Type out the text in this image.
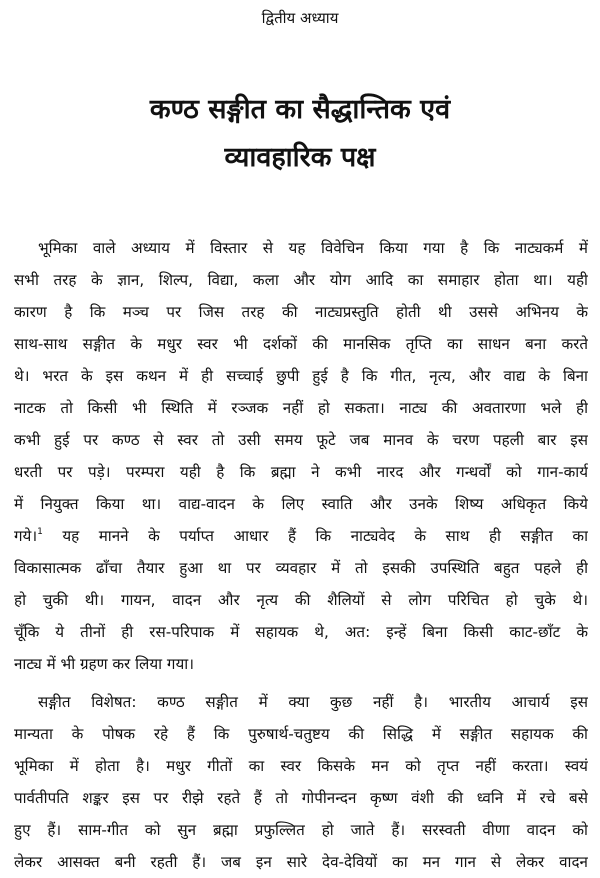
द्वितीय अध्याय
कण्ठ सङ्गीत का सैद्धान्तिक एवं
व्यावहारिक पक्ष
भूमिका वाले अध्याय में विस्तार से यह विवेचिन किया गया है कि नाट्यकर्म में
सभी तरह के ज्ञान, शिल्प, विद्या, कला और योग आदि का समाहार होता था। यही
कारण है कि मञ्च पर जिस तरह की नाट्यप्रस्तुति होती थी उससे अभिनय के
साथ-साथ सङ्गीत के मधुर स्वर भी दर्शकों की मानसिक तृप्ति का साधन बना करते
थे। भरत के इस कथन में ही सच्चाई छुपी हुई है कि गीत, नृत्य, और वाद्य के बिना
नाटक तो किसी भी स्थिति में रञ्जक नहीं हो सकता। नाट्य की अवतारणा भले ही
कभी हुई पर कण्ठ से स्वर तो उसी समय फूटे जब मानव के चरण पहली बार इस
धरती पर पड़े। परम्परा यही है कि ब्रह्मा ने कभी नारद और गन्धर्वों को गान-कार्य
में नियुक्त किया था। वाद्य-वादन के लिए स्वाति और उनके शिष्य अधिकृत किये
गये।$^1$ यह मानने के पर्याप्त आधार हैं कि नाट्यवेद के साथ ही सङ्गीत का
विकासात्मक ढाँचा तैयार हुआ था पर व्यवहार में तो इसकी उपस्थिति बहुत पहले ही
हो चुकी थी। गायन, वादन और नृत्य की शैलियों से लोग परिचित हो चुके थे।
चूँकि ये तीनों ही रस-परिपाक में सहायक थे, अत: इन्हें बिना किसी काट-छाँट के
नाट्य में भी ग्रहण कर लिया गया।
सङ्गीत विशेषत: कण्ठ सङ्गीत में क्या कुछ नहीं है। भारतीय आचार्य इस
मान्यता के पोषक रहे हैं कि पुरुषार्थ-चतुष्टय की सिद्धि में सङ्गीत सहायक की
भूमिका में होता है। मधुर गीतों का स्वर किसके मन को तृप्त नहीं करता। स्वयं
पार्वतीपति शङ्कर इस पर रीझे रहते हैं तो गोपीनन्दन कृष्ण वंशी की ध्वनि में रचे बसे
हुए हैं। साम-गीत को सुन ब्रह्मा प्रफुल्लित हो जाते हैं। सरस्वती वीणा वादन को
लेकर आसक्त बनी रहती हैं। जब इन सारे देव-देवियों का मन गान से लेकर वादन
